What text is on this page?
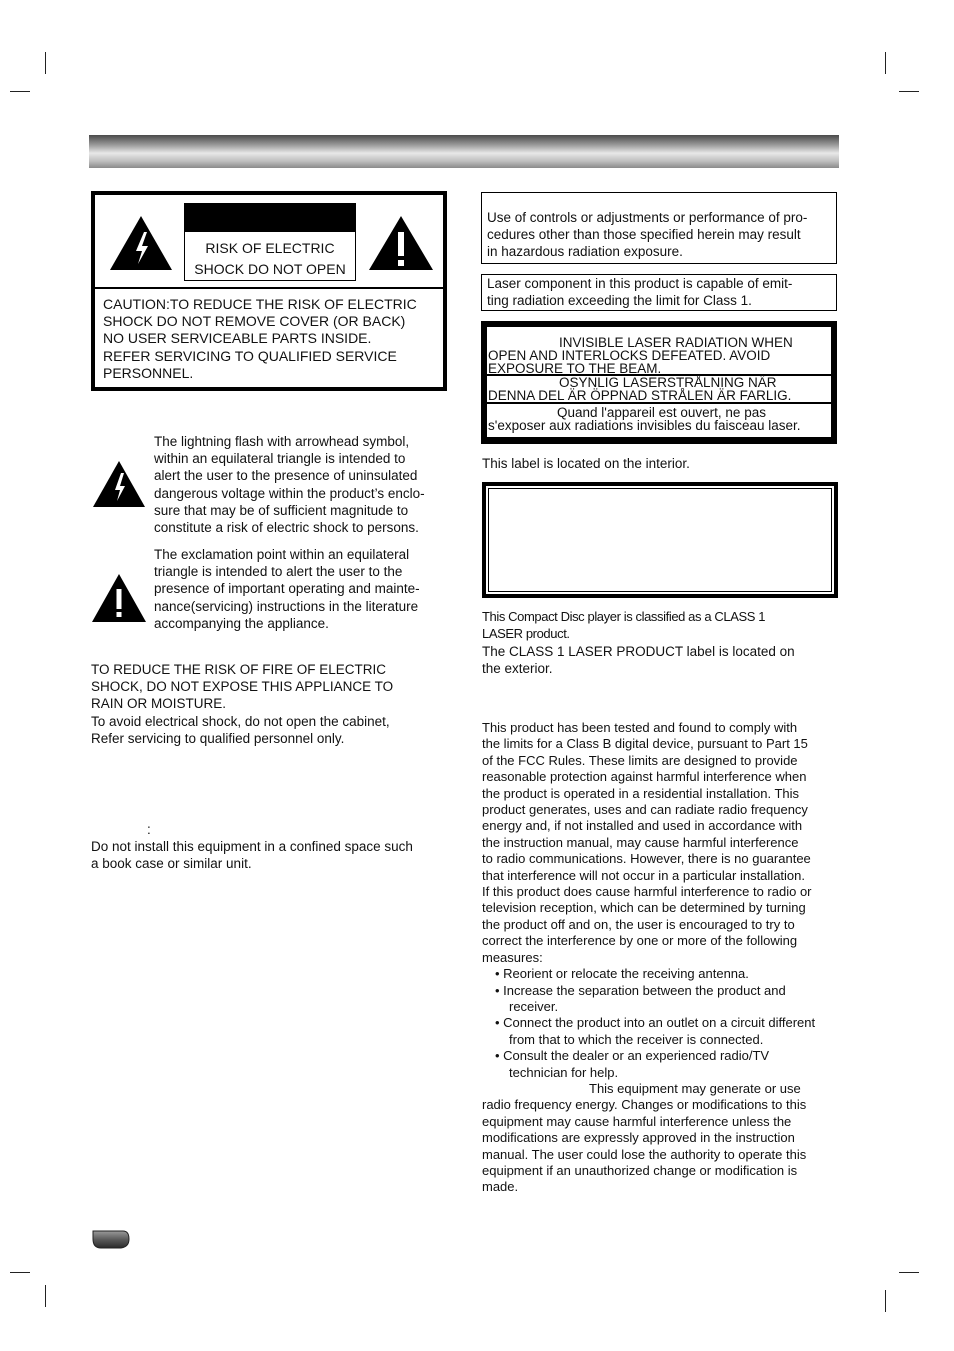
RISK OF ELECTRIC
SHOCK DO NOT OPEN
CAUTION:TO REDUCE THE RISK OF ELECTRIC
SHOCK DO NOT REMOVE COVER (OR BACK)
NO USER SERVICEABLE PARTS INSIDE.
REFER SERVICING TO QUALIFIED SERVICE
PERSONNEL.
The lightning flash with arrowhead symbol,
within an equilateral triangle is intended to
alert the user to the presence of uninsulated
dangerous voltage within the product’s enclo-
sure that may be of sufficient magnitude to
constitute a risk of electric shock to persons.
The exclamation point within an equilateral
triangle is intended to alert the user to the
presence of important operating and mainte-
nance(servicing) instructions in the literature
accompanying the appliance.
TO REDUCE THE RISK OF FIRE OF ELECTRIC
SHOCK, DO NOT EXPOSE THIS APPLIANCE TO
RAIN OR MOISTURE.
To avoid electrical shock, do not open the cabinet,
Refer servicing to qualified personnel only.
:
Do not install this equipment in a confined space such
a book case or similar unit.
Use of controls or adjustments or performance of pro-
cedures other than those specified herein may result
in hazardous radiation exposure.
Laser component in this product is capable of emit-
ting radiation exceeding the limit for Class 1.
INVISIBLE LASER RADIATION WHEN
OPEN AND INTERLOCKS DEFEATED. AVOID
EXPOSURE TO THE BEAM.
OSYNLIG LASERSTRÅLNING NÄR
DENNA DEL ÄR ÖPPNAD STRÅLEN ÄR FARLIG.
Quand l'appareil est ouvert, ne pas
s'exposer aux radiations invisibles du faisceau laser.
This label is located on the interior.
This Compact Disc player is classified as a CLASS 1
LASER product.
The CLASS 1 LASER PRODUCT label is located on
the exterior.
This product has been tested and found to comply with
the limits for a Class B digital device, pursuant to Part 15
of the FCC Rules. These limits are designed to provide
reasonable protection against harmful interference when
the product is operated in a residential installation. This
product generates, uses and can radiate radio frequency
energy and, if not installed and used in accordance with
the instruction manual, may cause harmful interference
to radio communications. However, there is no guarantee
that interference will not occur in a particular installation.
If this product does cause harmful interference to radio or
television reception, which can be determined by turning
the product off and on, the user is encouraged to try to
correct the interference by one or more of the following
measures:
• Reorient or relocate the receiving antenna.
• Increase the separation between the product and
receiver.
• Connect the product into an outlet on a circuit different
from that to which the receiver is connected.
• Consult the dealer or an experienced radio/TV
technician for help.
This equipment may generate or use
radio frequency energy. Changes or modifications to this
equipment may cause harmful interference unless the
modifications are expressly approved in the instruction
manual. The user could lose the authority to operate this
equipment if an unauthorized change or modification is
made.
